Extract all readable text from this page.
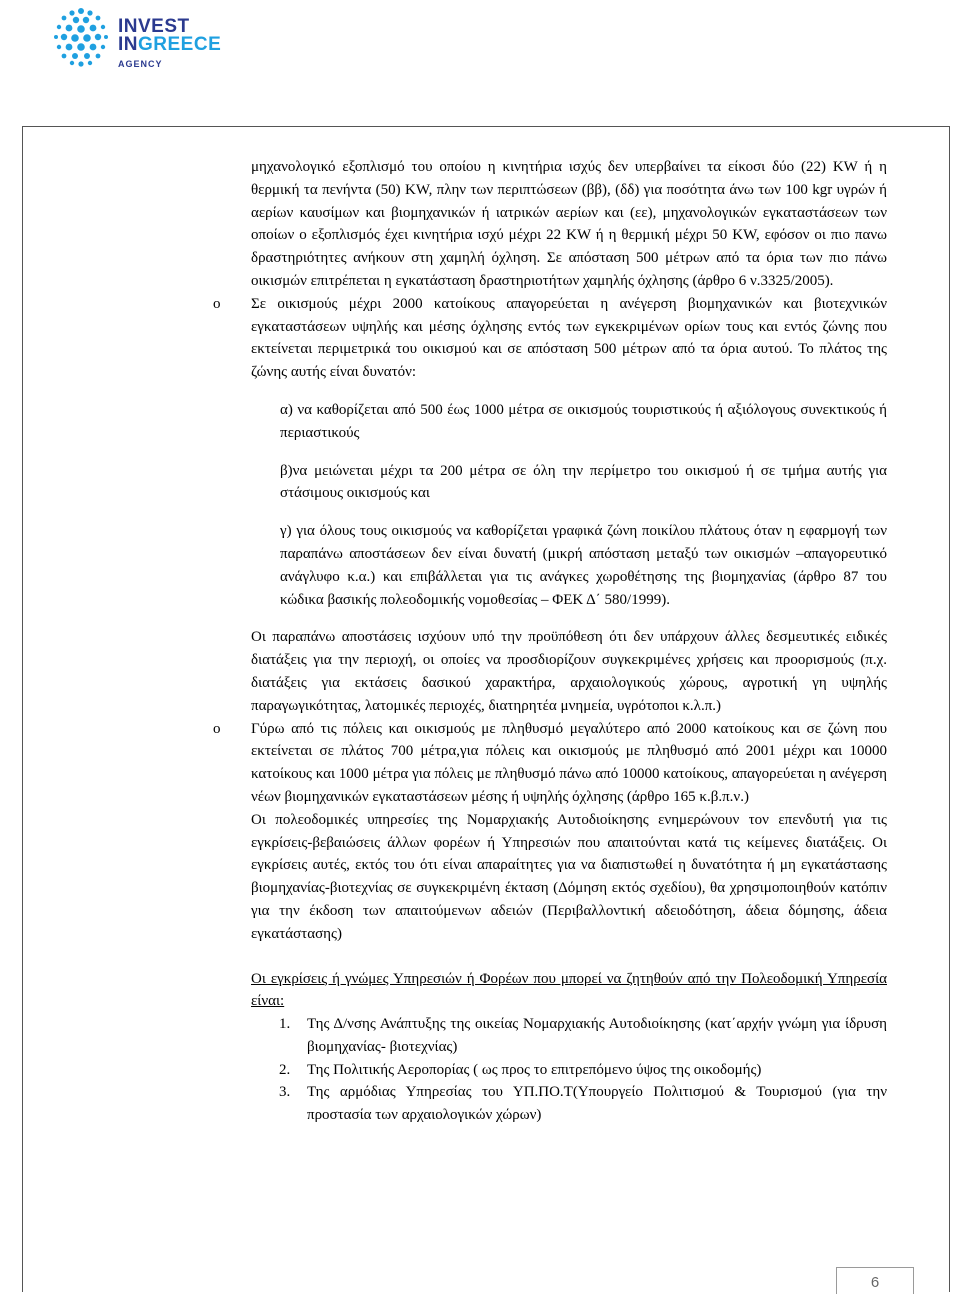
INVEST
INGREECE
AGENCY

μηχανολογικό εξοπλισμό του οποίου η κινητήρια ισχύς δεν υπερβαίνει τα είκοσι δύο (22) KW ή η θερμική τα πενήντα (50) KW, πλην των περιπτώσεων (ββ), (δδ) για ποσότητα άνω των 100 kgr υγρών ή αερίων καυσίμων και βιομηχανικών ή ιατρικών αερίων και (εε), μηχανολογικών εγκαταστάσεων των οποίων ο εξοπλισμός έχει κινητήρια ισχύ μέχρι 22 KW ή η θερμική μέχρι 50 KW, εφόσον οι πιο πανω δραστηριότητες ανήκουν στη χαμηλή όχληση. Σε απόσταση 500 μέτρων από τα όρια των πιο πάνω οικισμών επιτρέπεται η εγκατάσταση δραστηριοτήτων χαμηλής όχλησης (άρθρο 6 ν.3325/2005).

o Σε οικισμούς μέχρι 2000 κατοίκους απαγορεύεται η ανέγερση βιομηχανικών και βιοτεχνικών εγκαταστάσεων υψηλής και μέσης όχλησης εντός των εγκεκριμένων ορίων τους και εντός ζώνης που εκτείνεται περιμετρικά του οικισμού και σε απόσταση 500 μέτρων από τα όρια αυτού. Το πλάτος της ζώνης αυτής είναι δυνατόν:

α) να καθορίζεται από 500 έως 1000 μέτρα σε οικισμούς τουριστικούς ή αξιόλογους συνεκτικούς ή περιαστικούς

β)να μειώνεται μέχρι τα 200 μέτρα σε όλη την περίμετρο του οικισμού ή σε τμήμα αυτής για στάσιμους οικισμούς και

γ) για όλους τους οικισμούς να καθορίζεται γραφικά ζώνη ποικίλου πλάτους όταν η εφαρμογή των παραπάνω αποστάσεων δεν είναι δυνατή (μικρή απόσταση μεταξύ των οικισμών –απαγορευτικό ανάγλυφο κ.α.) και επιβάλλεται για τις ανάγκες χωροθέτησης της βιομηχανίας (άρθρο 87 του κώδικα βασικής πολεοδομικής νομοθεσίας – ΦΕΚ Δ΄ 580/1999).

Οι παραπάνω αποστάσεις ισχύουν υπό την προϋπόθεση ότι δεν υπάρχουν άλλες δεσμευτικές ειδικές διατάξεις για την περιοχή, οι οποίες να προσδιορίζουν συγκεκριμένες χρήσεις και προορισμούς (π.χ. διατάξεις για εκτάσεις δασικού χαρακτήρα, αρχαιολογικούς χώρους, αγροτική γη υψηλής παραγωγικότητας, λατομικές περιοχές, διατηρητέα μνημεία, υγρότοποι κ.λ.π.)

o Γύρω από τις πόλεις και οικισμούς με πληθυσμό μεγαλύτερο από 2000 κατοίκους και σε ζώνη που εκτείνεται σε πλάτος 700 μέτρα,για πόλεις και οικισμούς με πληθυσμό από 2001 μέχρι και 10000 κατοίκους και 1000 μέτρα για πόλεις με πληθυσμό πάνω από 10000 κατοίκους, απαγορεύεται η ανέγερση νέων βιομηχανικών εγκαταστάσεων μέσης ή υψηλής όχλησης (άρθρο 165 κ.β.π.ν.)

Οι πολεοδομικές υπηρεσίες της Νομαρχιακής Αυτοδιοίκησης ενημερώνουν τον επενδυτή για τις εγκρίσεις-βεβαιώσεις άλλων φορέων ή Υπηρεσιών που απαιτούνται κατά τις κείμενες διατάξεις. Οι εγκρίσεις αυτές, εκτός του ότι είναι απαραίτητες για να διαπιστωθεί η δυνατότητα ή μη εγκατάστασης βιομηχανίας-βιοτεχνίας σε συγκεκριμένη έκταση (Δόμηση εκτός σχεδίου), θα χρησιμοποιηθούν κατόπιν για την έκδοση των απαιτούμενων αδειών (Περιβαλλοντική αδειοδότηση, άδεια δόμησης, άδεια εγκατάστασης)

Οι εγκρίσεις ή γνώμες Υπηρεσιών ή Φορέων που μπορεί να ζητηθούν από την Πολεοδομική Υπηρεσία είναι:

1. Της Δ/νσης Ανάπτυξης της οικείας Νομαρχιακής Αυτοδιοίκησης (κατ΄αρχήν γνώμη για ίδρυση βιομηχανίας- βιοτεχνίας)
2. Της Πολιτικής Αεροπορίας ( ως προς το επιτρεπόμενο ύψος της οικοδομής)
3. Της αρμόδιας Υπηρεσίας του ΥΠ.ΠΟ.Τ(Υπουργείο Πολιτισμού & Τουρισμού (για την προστασία των αρχαιολογικών χώρων)
6
